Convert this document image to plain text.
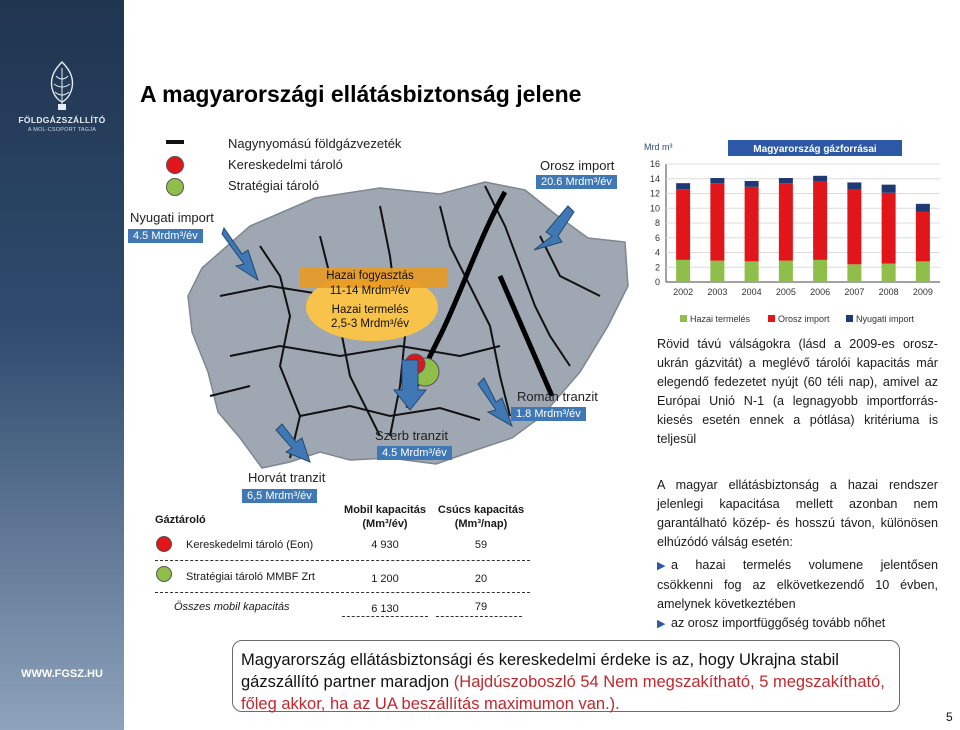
FÖLDGÁZSZÁLLÍTÓ
A MOL-CSOPORT TAGJA
WWW.FGSZ.HU
A magyarországi ellátásbiztonság jelene
Nagynyomású földgázvezeték
Kereskedelmi tároló
Stratégiai tároló
Nyugati import
4.5 Mrdm³/év
Orosz import
20.6 Mrdm³/év
Hazai fogyasztás
11-14 Mrdm³/év
Hazai termelés
2,5-3 Mrdm³/év
Román tranzit
1.8 Mrdm³/év
Szerb tranzit
4.5 Mrdm³/év
Horvát tranzit
6,5 Mrdm³/év
Magyarország gázforrásai
Mrd m³
0
2
4
6
8
10
12
14
16
2002 2003 2004 2005 2006 2007 2008 2009
Hazai termelés	Orosz import	Nyugati import
Rövid távú válságokra (lásd a 2009-es orosz-ukrán gázvitát) a meglévő tárolói kapacitás már elegendő fedezetet nyújt (60 téli nap), amivel az Európai Unió N-1 (a legnagyobb importforrás-kiesés esetén ennek a pótlása) kritériuma is teljesül
A magyar ellátásbiztonság a hazai rendszer jelenlegi kapacitása mellett azonban nem garantálható közép- és hosszú távon, különösen elhúzódó válság esetén:
▶ a hazai termelés volumene jelentősen csökkenni fog az elkövetkezendő 10 évben, amelynek következtében
▶ az orosz importfüggőség tovább nőhet
Gáztároló
Mobil kapacitás (Mm³/év)
Csúcs kapacitás (Mm³/nap)
Kereskedelmi tároló (Eon)	4 930	59
Stratégiai tároló MMBF Zrt	1 200	20
Összes mobil kapacitás	6 130	79
Magyarország ellátásbiztonsági és kereskedelmi érdeke is az, hogy Ukrajna stabil gázszállító partner maradjon (Hajdúszoboszló 54 Nem megszakítható, 5 megszakítható, főleg akkor, ha az UA beszállítás maximumon van.).
5
